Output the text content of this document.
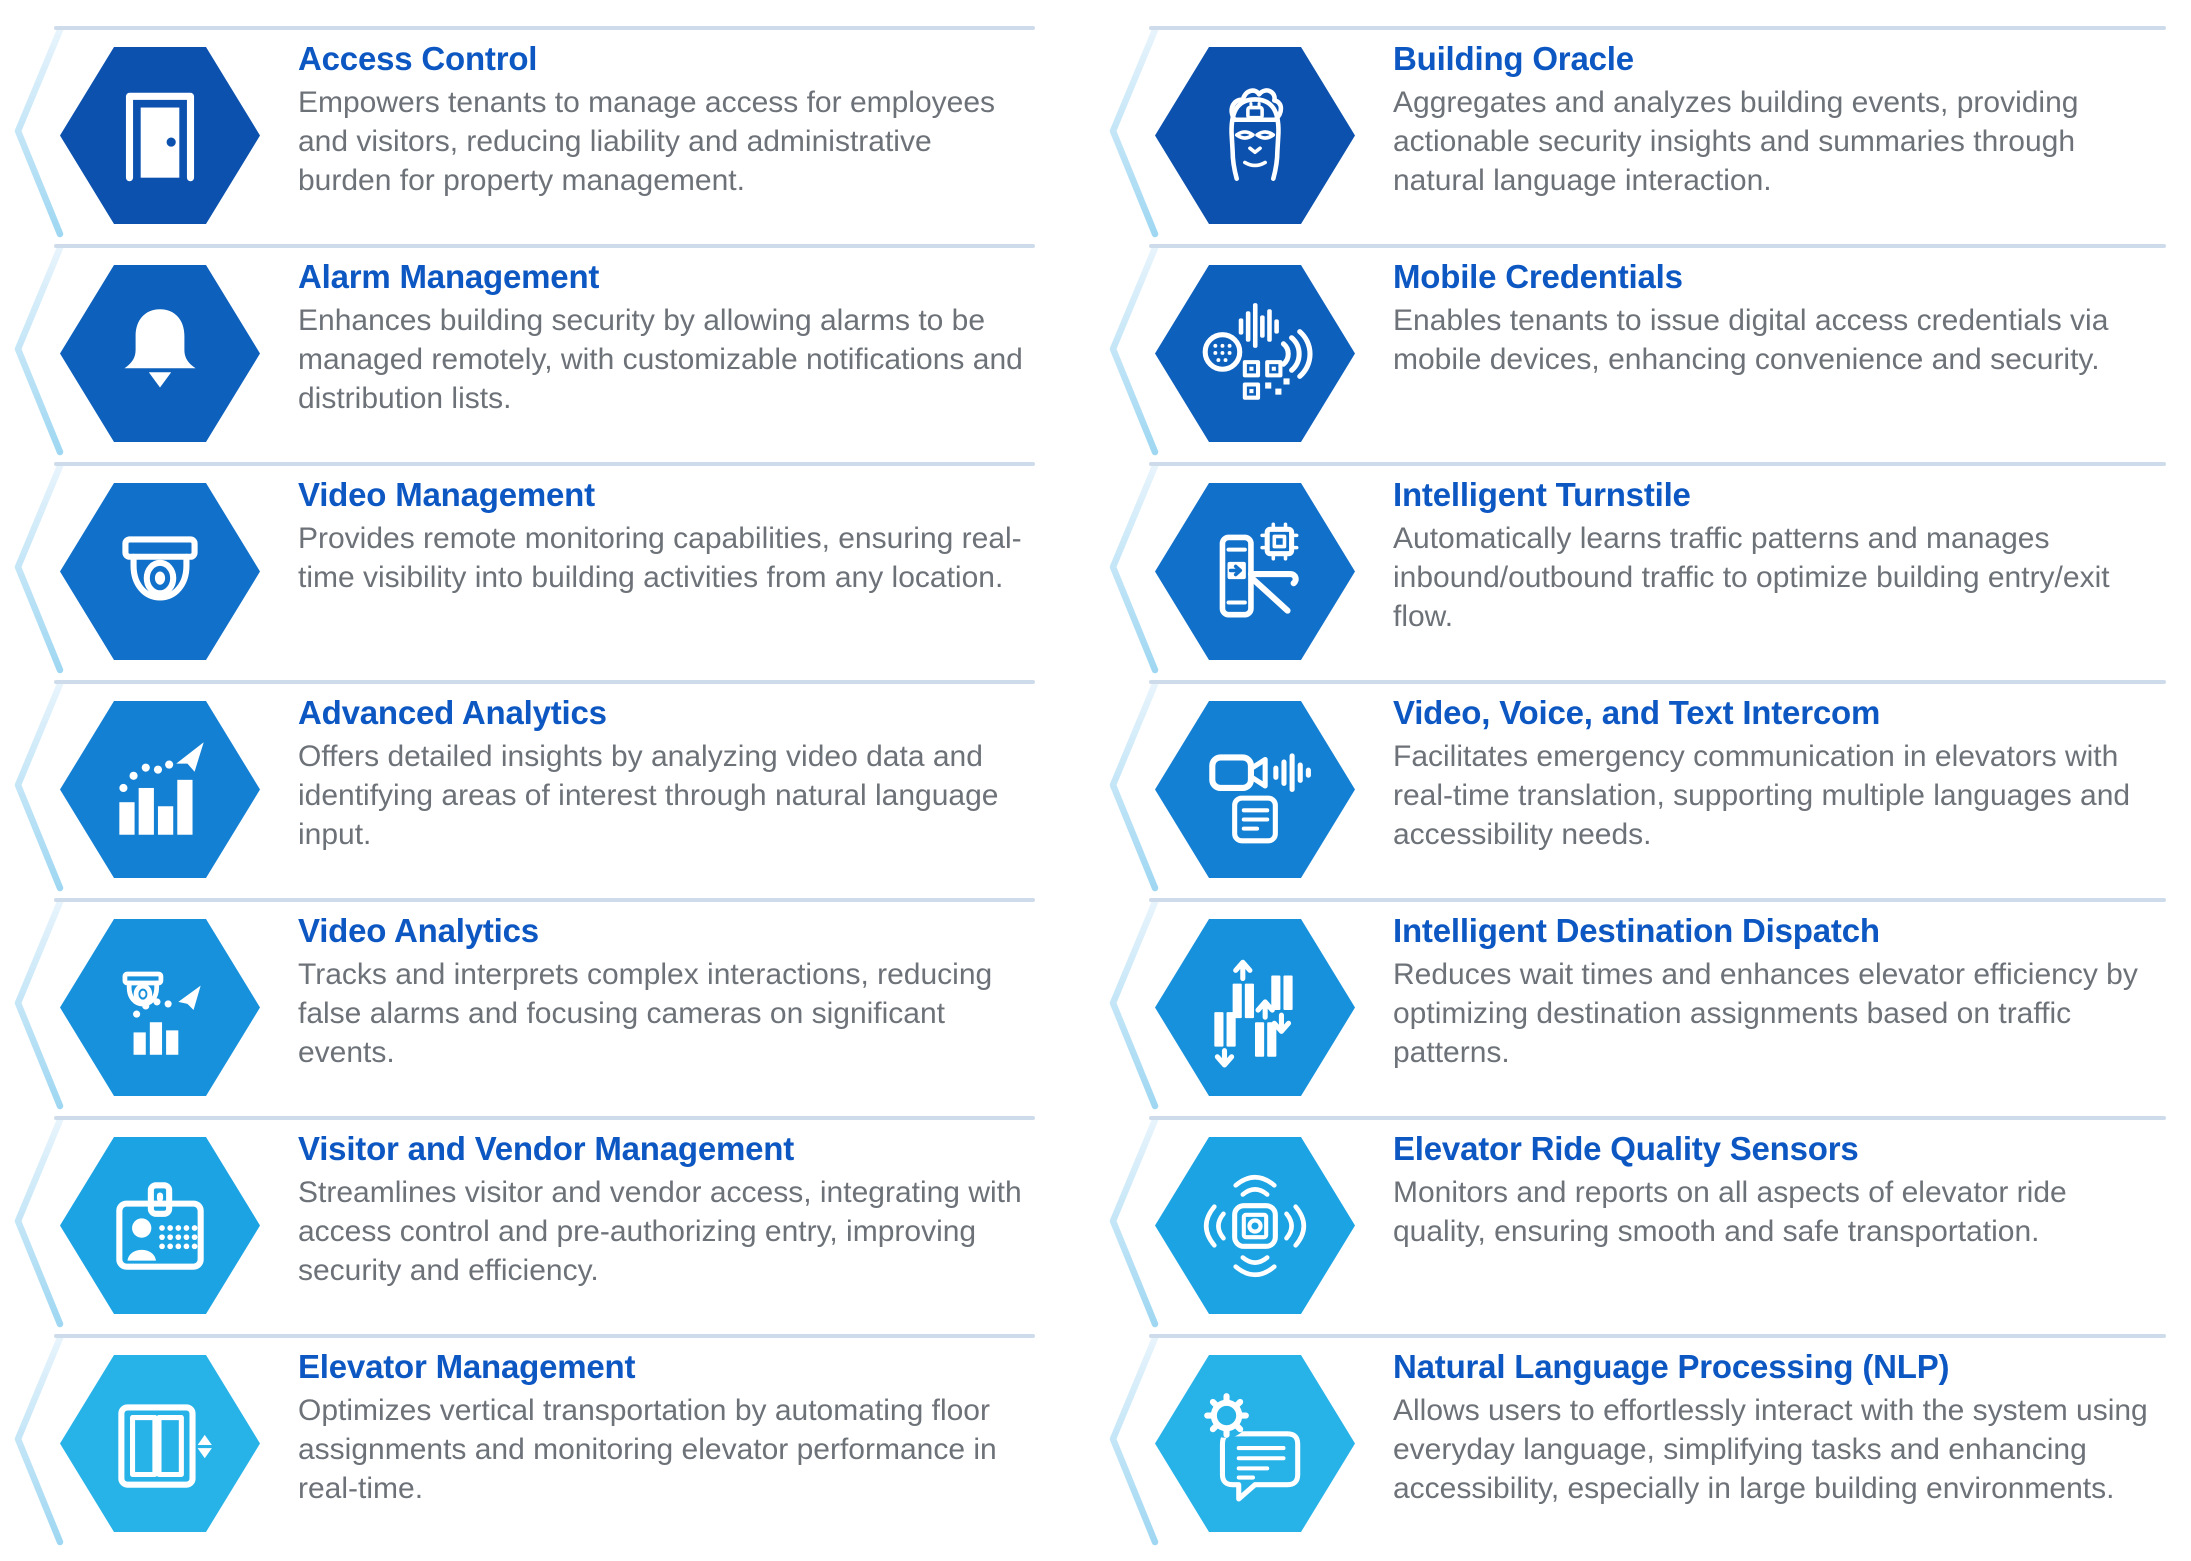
Access Control

Empowers tenants to manage access for employees and visitors, reducing liability and administrative burden for property management.

Alarm Management

Enhances building security by allowing alarms to be managed remotely, with customizable notifications and distribution lists.

Video Management

Provides remote monitoring capabilities, ensuring real-time visibility into building activities from any location.

Advanced Analytics

Offers detailed insights by analyzing video data and identifying areas of interest through natural language input.

Video Analytics

Tracks and interprets complex interactions, reducing false alarms and focusing cameras on significant events.

Visitor and Vendor Management

Streamlines visitor and vendor access, integrating with access control and pre-authorizing entry, improving security and efficiency.

Elevator Management

Optimizes vertical transportation by automating floor assignments and monitoring elevator performance in real-time.

Building Oracle

Aggregates and analyzes building events, providing actionable security insights and summaries through natural language interaction.

Mobile Credentials

Enables tenants to issue digital access credentials via mobile devices, enhancing convenience and security.

Intelligent Turnstile

Automatically learns traffic patterns and manages inbound/outbound traffic to optimize building entry/exit flow.

Video, Voice, and Text Intercom

Facilitates emergency communication in elevators with real-time translation, supporting multiple languages and accessibility needs.

Intelligent Destination Dispatch

Reduces wait times and enhances elevator efficiency by optimizing destination assignments based on traffic patterns.

Elevator Ride Quality Sensors

Monitors and reports on all aspects of elevator ride quality, ensuring smooth and safe transportation.

Natural Language Processing (NLP)

Allows users to effortlessly interact with the system using everyday language, simplifying tasks and enhancing accessibility, especially in large building environments.
